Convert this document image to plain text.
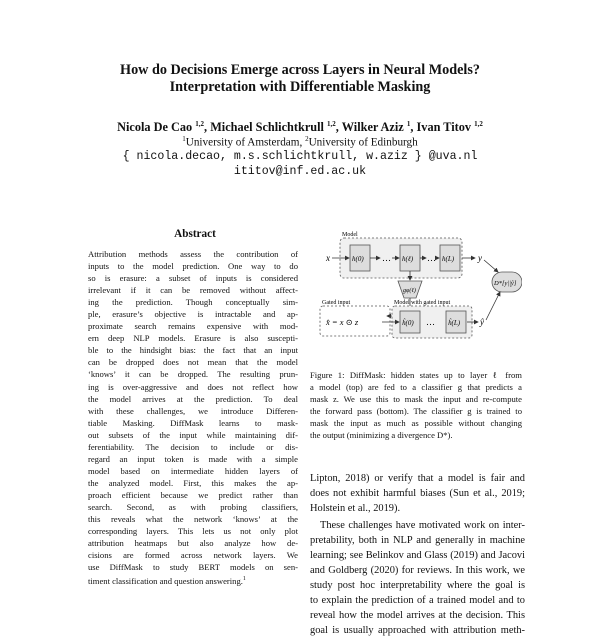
How do Decisions Emerge across Layers in Neural Models?
Interpretation with Differentiable Masking
Nicola De Cao $^{1,2}$, Michael Schlichtkrull $^{1,2}$, Wilker Aziz $^1$, Ivan Titov $^{1,2}$
$^1$University of Amsterdam, $^2$University of Edinburgh
{ nicola.decao, m.s.schlichtkrull, w.aziz } @uva.nl
ititov@inf.ed.ac.uk
Abstract
Attribution methods assess the contribution of
inputs to the model prediction. One way to do
so is erasure: a subset of inputs is considered
irrelevant if it can be removed without affect-
ing the prediction. Though conceptually sim-
ple, erasure’s objective is intractable and ap-
proximate search remains expensive with mod-
ern deep NLP models. Erasure is also suscepti-
ble to the hindsight bias: the fact that an input
can be dropped does not mean that the model
‘knows’ it can be dropped. The resulting prun-
ing is over-aggressive and does not reflect how
the model arrives at the prediction. To deal
with these challenges, we introduce Differen-
tiable Masking. DiffMask learns to mask-
out subsets of the input while maintaining dif-
ferentiability. The decision to include or dis-
regard an input token is made with a simple
model based on intermediate hidden layers of
the analyzed model. First, this makes the ap-
proach efficient because we predict rather than
search. Second, as with probing classifiers,
this reveals what the network ‘knows’ at the
corresponding layers. This lets us not only plot
attribution heatmaps but also analyze how de-
cisions are formed across network layers. We
use DiffMask to study BERT models on sen-
timent classification and question answering.$^1$
Model
x	h(0) … h(ℓ) … h(L)	y
gφ(ℓ)
Gated input
x̂ = x ⊙ z
Model with gated input
ĥ(0) … ĥ(L) ŷ
D*[y||ŷ]
Figure 1: DiffMask: hidden states up to layer ℓ from
a model (top) are fed to a classifier g that predicts a
mask z. We use this to mask the input and re-compute
the forward pass (bottom). The classifier g is trained to
mask the input as much as possible without changing
the output (minimizing a divergence D*).
Lipton, 2018) or verify that a model is fair and
does not exhibit harmful biases (Sun et al., 2019;
Holstein et al., 2019).
These challenges have motivated work on inter-
pretability, both in NLP and generally in machine
learning; see Belinkov and Glass (2019) and Jacovi
and Goldberg (2020) for reviews. In this work, we
study post hoc interpretability where the goal is
to explain the prediction of a trained model and to
reveal how the model arrives at the decision. This
goal is usually approached with attribution meth-
